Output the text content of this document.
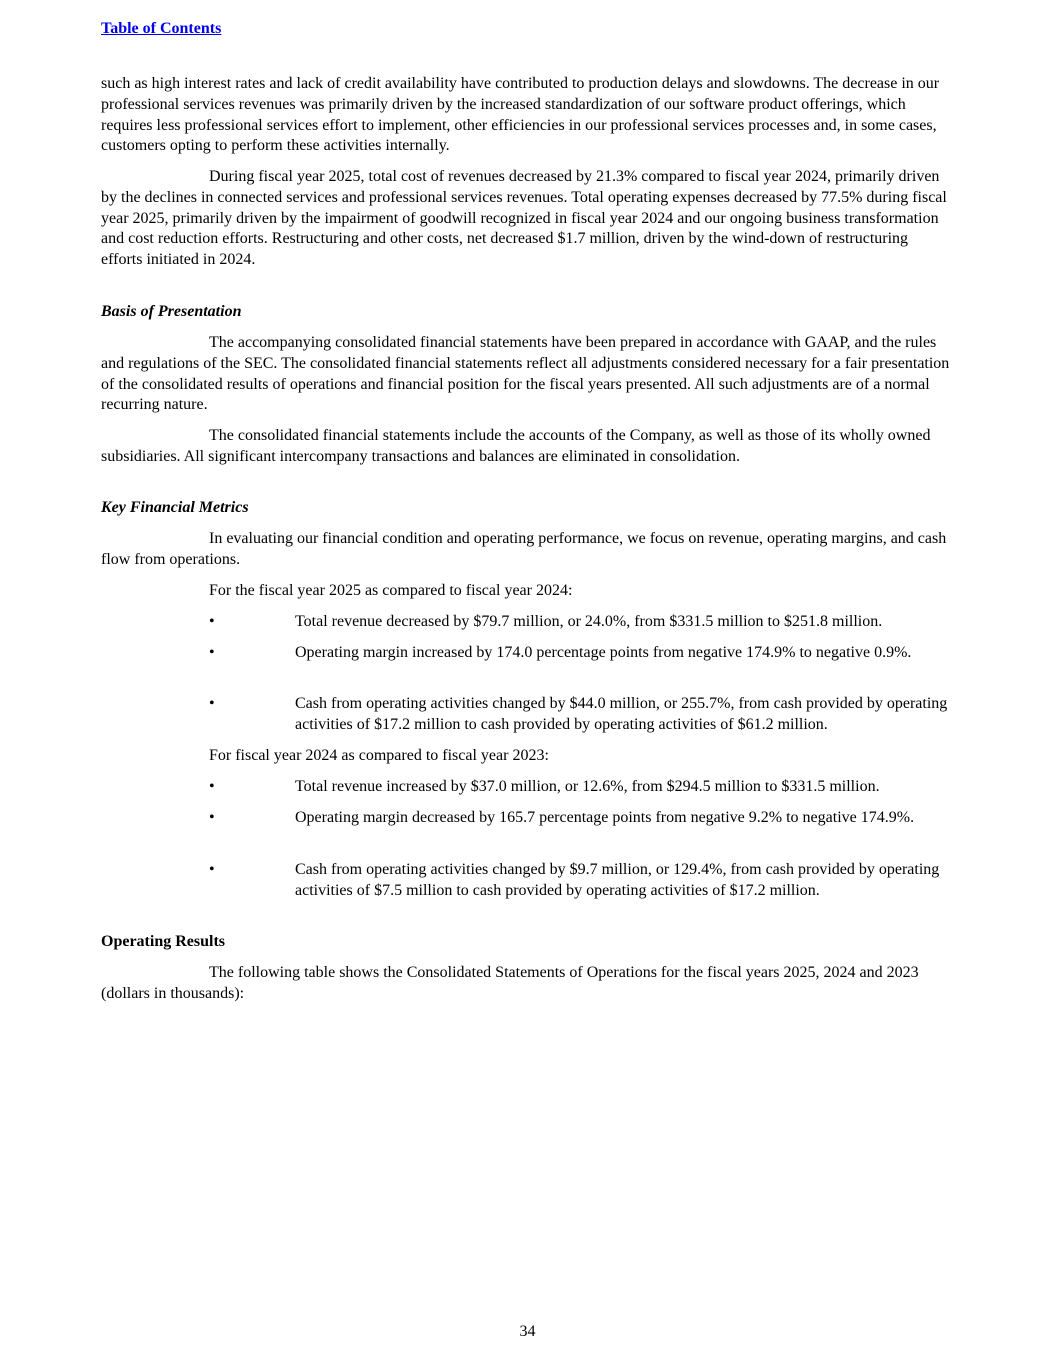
Table of Contents

such as high interest rates and lack of credit availability have contributed to production delays and slowdowns. The decrease in our professional services revenues was primarily driven by the increased standardization of our software product offerings, which requires less professional services effort to implement, other efficiencies in our professional services processes and, in some cases, customers opting to perform these activities internally.

During fiscal year 2025, total cost of revenues decreased by 21.3% compared to fiscal year 2024, primarily driven by the declines in connected services and professional services revenues. Total operating expenses decreased by 77.5% during fiscal year 2025, primarily driven by the impairment of goodwill recognized in fiscal year 2024 and our ongoing business transformation and cost reduction efforts. Restructuring and other costs, net decreased $1.7 million, driven by the wind-down of restructuring efforts initiated in 2024.

Basis of Presentation

The accompanying consolidated financial statements have been prepared in accordance with GAAP, and the rules and regulations of the SEC. The consolidated financial statements reflect all adjustments considered necessary for a fair presentation of the consolidated results of operations and financial position for the fiscal years presented. All such adjustments are of a normal recurring nature.

The consolidated financial statements include the accounts of the Company, as well as those of its wholly owned subsidiaries. All significant intercompany transactions and balances are eliminated in consolidation.

Key Financial Metrics

In evaluating our financial condition and operating performance, we focus on revenue, operating margins, and cash flow from operations.

For the fiscal year 2025 as compared to fiscal year 2024:
•	Total revenue decreased by $79.7 million, or 24.0%, from $331.5 million to $251.8 million.
•	Operating margin increased by 174.0 percentage points from negative 174.9% to negative 0.9%.
•	Cash from operating activities changed by $44.0 million, or 255.7%, from cash provided by operating activities of $17.2 million to cash provided by operating activities of $61.2 million.
For fiscal year 2024 as compared to fiscal year 2023:
•	Total revenue increased by $37.0 million, or 12.6%, from $294.5 million to $331.5 million.
•	Operating margin decreased by 165.7 percentage points from negative 9.2% to negative 174.9%.
•	Cash from operating activities changed by $9.7 million, or 129.4%, from cash provided by operating activities of $7.5 million to cash provided by operating activities of $17.2 million.
Operating Results

The following table shows the Consolidated Statements of Operations for the fiscal years 2025, 2024 and 2023 (dollars in thousands):

34
